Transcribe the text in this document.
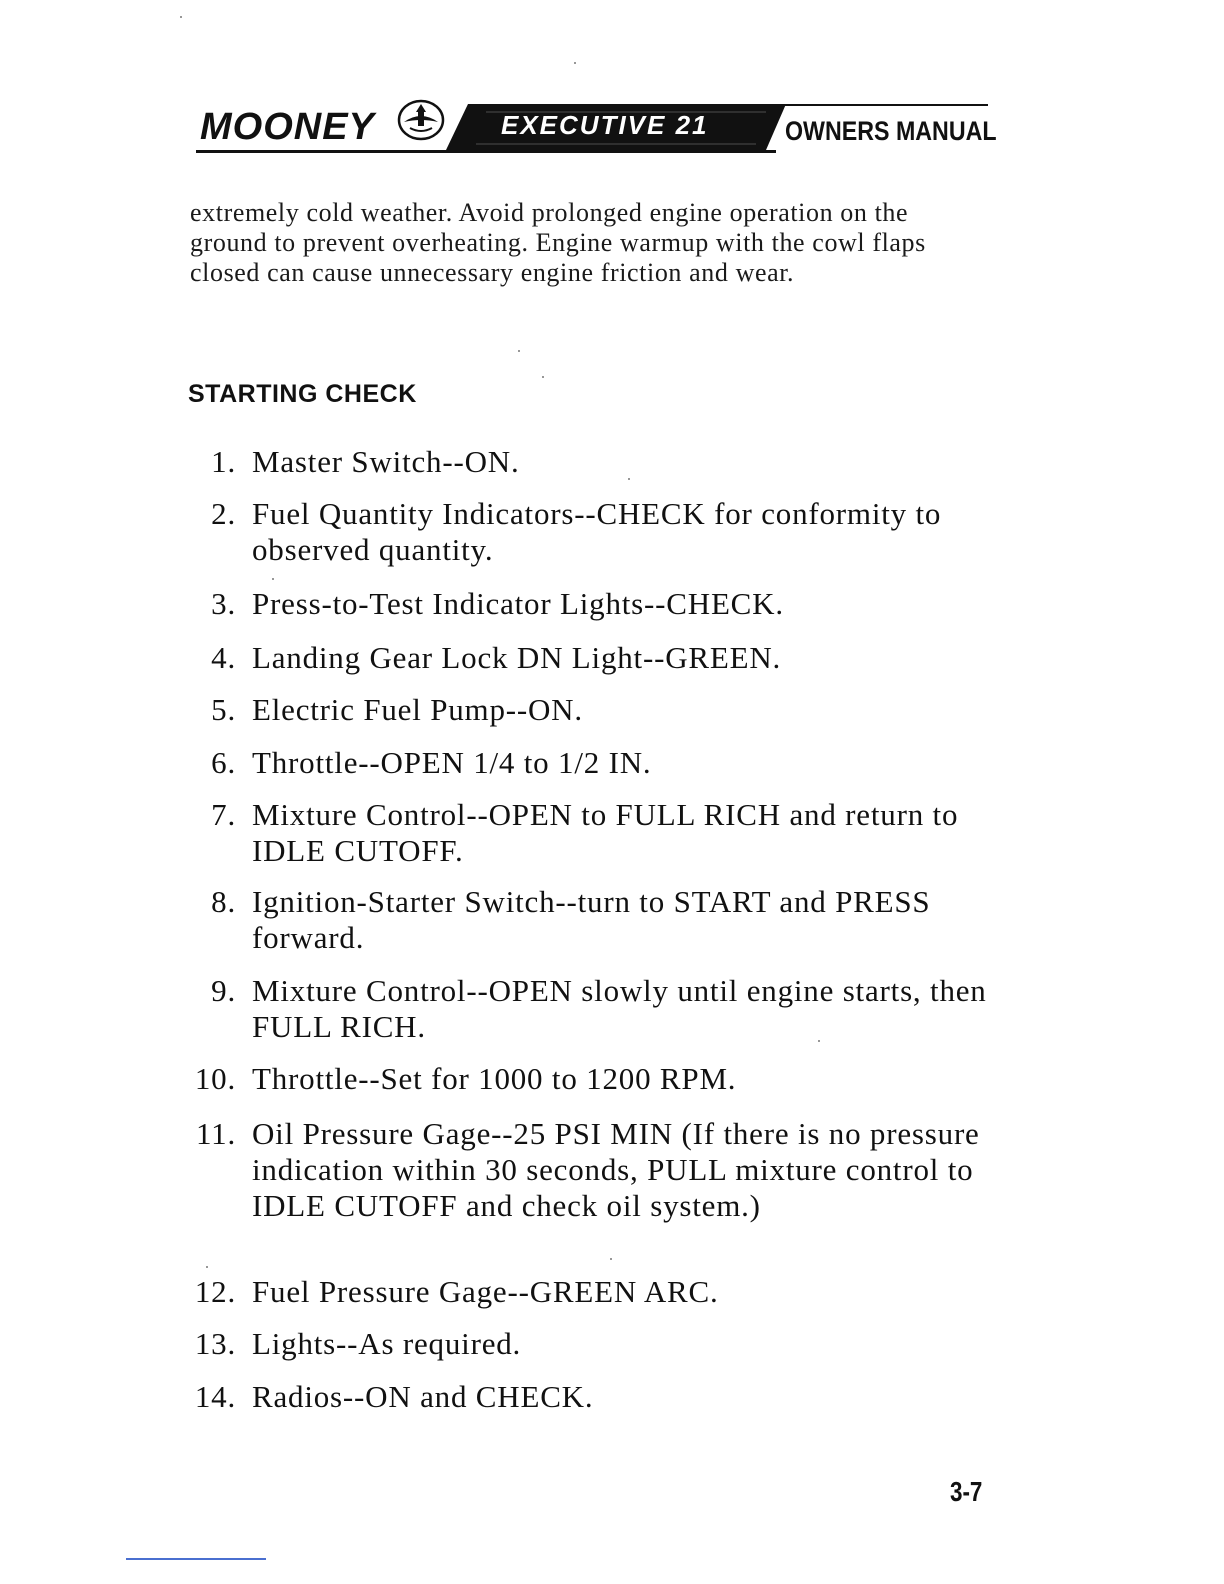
MOONEY	EXECUTIVE 21	OWNERS MANUAL

extremely cold weather. Avoid prolonged engine operation on the ground to prevent overheating. Engine warmup with the cowl flaps closed can cause unnecessary engine friction and wear.

STARTING CHECK
1. Master Switch--ON.
2. Fuel Quantity Indicators--CHECK for conformity to observed quantity.
3. Press-to-Test Indicator Lights--CHECK.
4. Landing Gear Lock DN Light--GREEN.
5. Electric Fuel Pump--ON.
6. Throttle--OPEN 1/4 to 1/2 IN.
7. Mixture Control--OPEN to FULL RICH and return to IDLE CUTOFF.
8. Ignition-Starter Switch--turn to START and PRESS forward.
9. Mixture Control--OPEN slowly until engine starts, then FULL RICH.
10. Throttle--Set for 1000 to 1200 RPM.
11. Oil Pressure Gage--25 PSI MIN (If there is no pressure indication within 30 seconds, PULL mixture control to IDLE CUTOFF and check oil system.)
12. Fuel Pressure Gage--GREEN ARC.
13. Lights--As required.
14. Radios--ON and CHECK.
3-7
